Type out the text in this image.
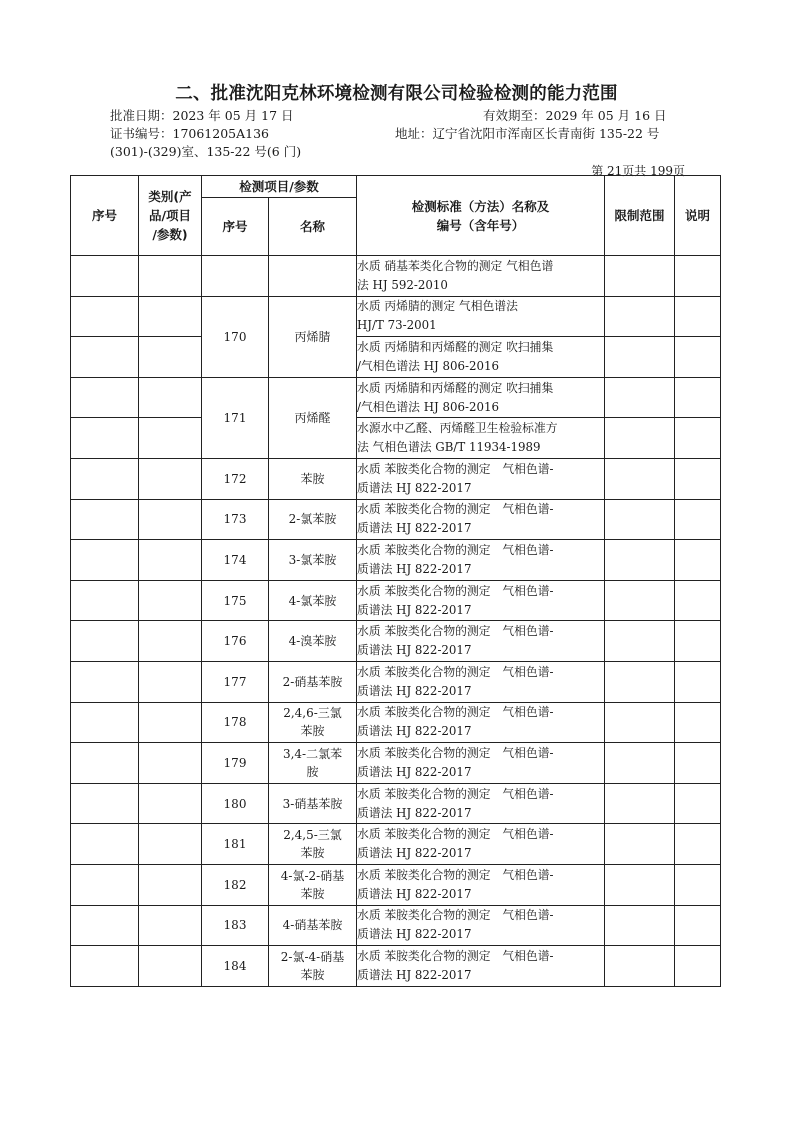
二、批准沈阳克林环境检测有限公司检验检测的能力范围
批准日期：2023 年 05 月 17 日	有效期至：2029 年 05 月 16 日
证书编号：17061205A136	地址：辽宁省沈阳市浑南区长青南街 135-22 号
(301)-(329)室、135-22 号(6 门)
第 21页共 199页
序号	类别(产
品/项目
/参数)	检测项目/参数		检测标准（方法）名称及
编号（含年号）	限制范围	说明
		序号	名称			

				水质 硝基苯类化合物的测定 气相色谱
法 HJ 592-2010		

		170	丙烯腈	水质 丙烯腈的测定 气相色谱法
HJ/T 73-2001		

				水质 丙烯腈和丙烯醛的测定 吹扫捕集
/气相色谱法 HJ 806-2016		

		171	丙烯醛	水质 丙烯腈和丙烯醛的测定 吹扫捕集
/气相色谱法 HJ 806-2016		

				水源水中乙醛、丙烯醛卫生检验标准方
法 气相色谱法 GB/T 11934-1989		

		172	苯胺	水质 苯胺类化合物的测定　气相色谱-
质谱法 HJ 822-2017		

		173	2-氯苯胺	水质 苯胺类化合物的测定　气相色谱-
质谱法 HJ 822-2017		

		174	3-氯苯胺	水质 苯胺类化合物的测定　气相色谱-
质谱法 HJ 822-2017		

		175	4-氯苯胺	水质 苯胺类化合物的测定　气相色谱-
质谱法 HJ 822-2017		

		176	4-溴苯胺	水质 苯胺类化合物的测定　气相色谱-
质谱法 HJ 822-2017		

		177	2-硝基苯胺	水质 苯胺类化合物的测定　气相色谱-
质谱法 HJ 822-2017		

		178	2,4,6-三氯
苯胺	水质 苯胺类化合物的测定　气相色谱-
质谱法 HJ 822-2017		

		179	3,4-二氯苯
胺	水质 苯胺类化合物的测定　气相色谱-
质谱法 HJ 822-2017		

		180	3-硝基苯胺	水质 苯胺类化合物的测定　气相色谱-
质谱法 HJ 822-2017		

		181	2,4,5-三氯
苯胺	水质 苯胺类化合物的测定　气相色谱-
质谱法 HJ 822-2017		

		182	4-氯-2-硝基
苯胺	水质 苯胺类化合物的测定　气相色谱-
质谱法 HJ 822-2017		

		183	4-硝基苯胺	水质 苯胺类化合物的测定　气相色谱-
质谱法 HJ 822-2017		

		184	2-氯-4-硝基
苯胺	水质 苯胺类化合物的测定　气相色谱-
质谱法 HJ 822-2017		
